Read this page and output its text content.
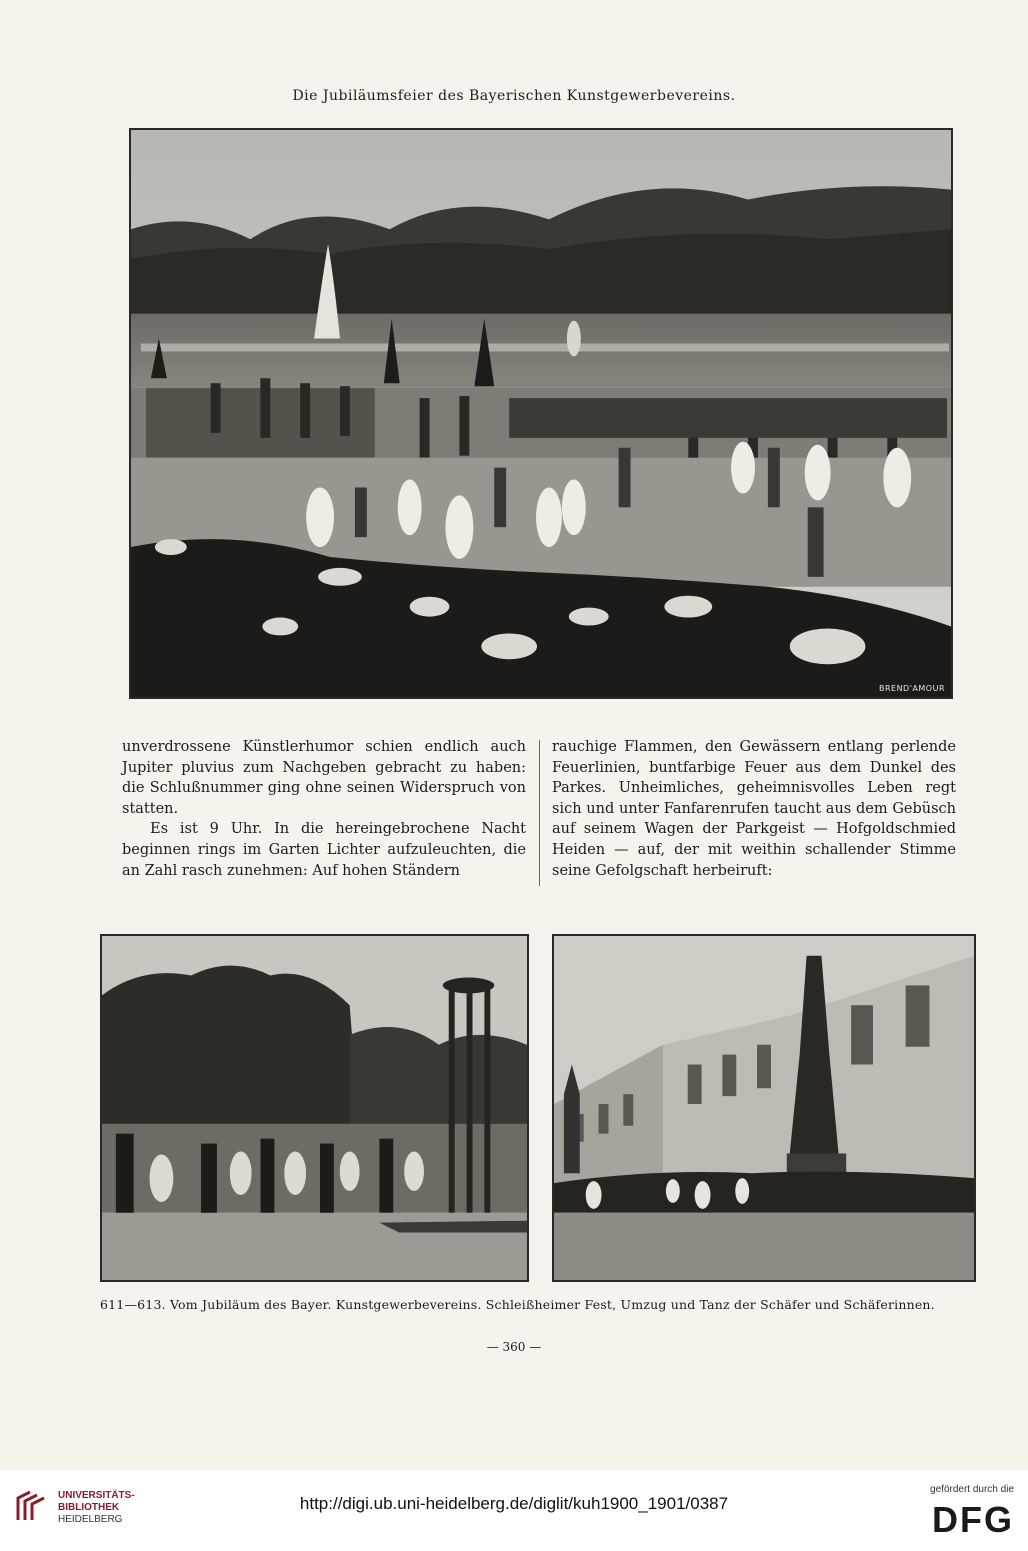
Die Jubiläumsfeier des Bayerischen Kunstgewerbevereins.
BREND'AMOUR

unverdrossene Künstlerhumor schien endlich auch Jupiter pluvius zum Nachgeben gebracht zu haben: die Schlußnummer ging ohne seinen Widerspruch von statten.

Es ist 9 Uhr. In die hereingebrochene Nacht beginnen rings im Garten Lichter aufzuleuchten, die an Zahl rasch zunehmen: Auf hohen Ständern

rauchige Flammen, den Gewässern entlang perlende Feuerlinien, buntfarbige Feuer aus dem Dunkel des Parkes. Unheimliches, geheimnisvolles Leben regt sich und unter Fanfarenrufen taucht aus dem Gebüsch auf seinem Wagen der Parkgeist — Hofgoldschmied Heiden — auf, der mit weithin schallender Stimme seine Gefolgschaft herbeiruft:

611—613. Vom Jubiläum des Bayer. Kunstgewerbevereins. Schleißheimer Fest, Umzug und Tanz der Schäfer und Schäferinnen.
— 360 —
UNIVERSITÄTS-
BIBLIOTHEK
HEIDELBERG
http://digi.ub.uni-heidelberg.de/diglit/kuh1900_1901/0387
gefördert durch die
DFG
